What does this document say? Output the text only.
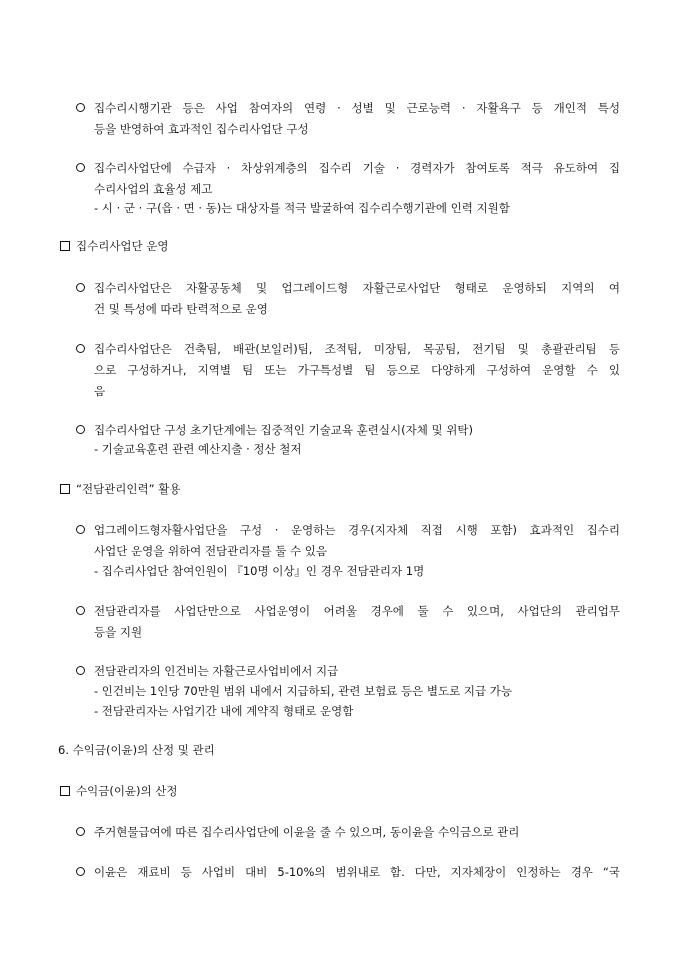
집수리시행기관 등은 사업 참여자의 연령 · 성별 및 근로능력 · 자활욕구 등 개인적 특성
등을 반영하여 효과적인 집수리사업단 구성
집수리사업단에 수급자 · 차상위계층의 집수리 기술 · 경력자가 참여토록 적극 유도하여 집
수리사업의 효율성 제고
- 시 · 군 · 구(읍 · 면 · 동)는 대상자를 적극 발굴하여 집수리수행기관에 인력 지원함
집수리사업단 운영
집수리사업단은 자활공동체 및 업그레이드형 자활근로사업단 형태로 운영하되 지역의 여
건 및 특성에 따라 탄력적으로 운영
집수리사업단은 건축팀, 배관(보일러)팀, 조적팀, 미장팀, 목공팀, 전기팀 및 총괄관리팀 등
으로 구성하거나, 지역별 팀 또는 가구특성별 팀 등으로 다양하게 구성하여 운영할 수 있
음
집수리사업단 구성 초기단계에는 집중적인 기술교육 훈련실시(자체 및 위탁)
- 기술교육훈련 관련 예산지출 · 정산 철저
“전담관리인력” 활용
업그레이드형자활사업단을 구성 · 운영하는 경우(지자체 직접 시행 포함) 효과적인 집수리
사업단 운영을 위하여 전담관리자를 둘 수 있음
- 집수리사업단 참여인원이 『10명 이상』인 경우 전담관리자 1명
전담관리자를 사업단만으로 사업운영이 어려울 경우에 둘 수 있으며, 사업단의 관리업무
등을 지원
전담관리자의 인건비는 자활근로사업비에서 지급
- 인건비는 1인당 70만원 범위 내에서 지급하되, 관련 보험료 등은 별도로 지급 가능
- 전담관리자는 사업기간 내에 계약직 형태로 운영함
6. 수익금(이윤)의 산정 및 관리
수익금(이윤)의 산정
주거현물급여에 따른 집수리사업단에 이윤을 줄 수 있으며, 동이윤을 수익금으로 관리
이윤은 재료비 등 사업비 대비 5-10%의 범위내로 함. 다만, 지자체장이 인정하는 경우 “국
